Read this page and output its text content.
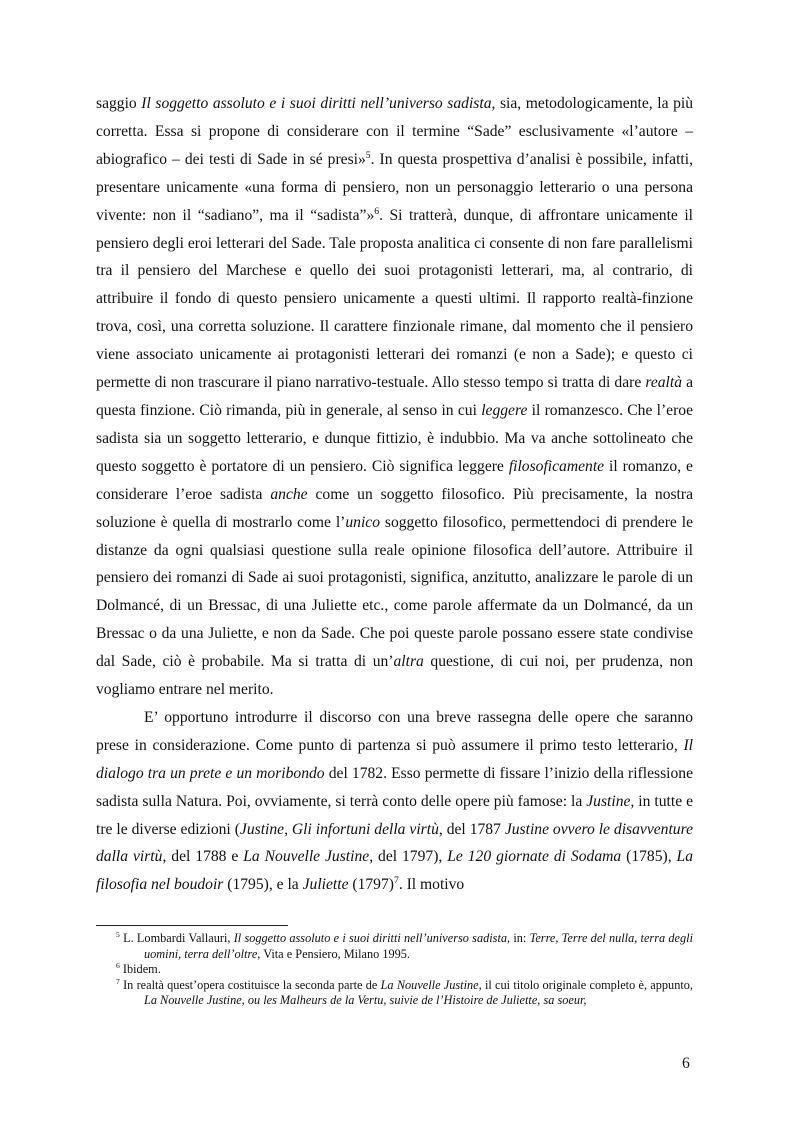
saggio Il soggetto assoluto e i suoi diritti nell’universo sadista, sia, metodologicamente, la più corretta. Essa si propone di considerare con il termine “Sade” esclusivamente «l’autore – abiografico – dei testi di Sade in sé presi»$^5$. In questa prospettiva d’analisi è possibile, infatti, presentare unicamente «una forma di pensiero, non un personaggio letterario o una persona vivente: non il “sadiano”, ma il “sadista”»$^6$. Si tratterà, dunque, di affrontare unicamente il pensiero degli eroi letterari del Sade. Tale proposta analitica ci consente di non fare parallelismi tra il pensiero del Marchese e quello dei suoi protagonisti letterari, ma, al contrario, di attribuire il fondo di questo pensiero unicamente a questi ultimi. Il rapporto realtà-finzione trova, così, una corretta soluzione. Il carattere finzionale rimane, dal momento che il pensiero viene associato unicamente ai protagonisti letterari dei romanzi (e non a Sade); e questo ci permette di non trascurare il piano narrativo-testuale. Allo stesso tempo si tratta di dare realtà a questa finzione. Ciò rimanda, più in generale, al senso in cui leggere il romanzesco. Che l’eroe sadista sia un soggetto letterario, e dunque fittizio, è indubbio. Ma va anche sottolineato che questo soggetto è portatore di un pensiero. Ciò significa leggere filosoficamente il romanzo, e considerare l’eroe sadista anche come un soggetto filosofico. Più precisamente, la nostra soluzione è quella di mostrarlo come l’unico soggetto filosofico, permettendoci di prendere le distanze da ogni qualsiasi questione sulla reale opinione filosofica dell’autore. Attribuire il pensiero dei romanzi di Sade ai suoi protagonisti, significa, anzitutto, analizzare le parole di un Dolmancé, di un Bressac, di una Juliette etc., come parole affermate da un Dolmancé, da un Bressac o da una Juliette, e non da Sade. Che poi queste parole possano essere state condivise dal Sade, ciò è probabile. Ma si tratta di un’altra questione, di cui noi, per prudenza, non vogliamo entrare nel merito.

E’ opportuno introdurre il discorso con una breve rassegna delle opere che saranno prese in considerazione. Come punto di partenza si può assumere il primo testo letterario, Il dialogo tra un prete e un moribondo del 1782. Esso permette di fissare l’inizio della riflessione sadista sulla Natura. Poi, ovviamente, si terrà conto delle opere più famose: la Justine, in tutte e tre le diverse edizioni (Justine, Gli infortuni della virtù, del 1787 Justine ovvero le disavventure dalla virtù, del 1788 e La Nouvelle Justine, del 1797), Le 120 giornate di Sodama (1785), La filosofia nel boudoir (1795), e la Juliette $(1797)^7$. Il motivo

$^5$ L. Lombardi Vallauri, Il soggetto assoluto e i suoi diritti nell’universo sadista, in: Terre, Terre del nulla, terra degli uomini, terra dell’oltre, Vita e Pensiero, Milano 1995.

$^6$ Ibidem.

$^7$ In realtà quest’opera costituisce la seconda parte de La Nouvelle Justine, il cui titolo originale completo è, appunto, La Nouvelle Justine, ou les Malheurs de la Vertu, suivie de l’Histoire de Juliette, sa soeur,

6
